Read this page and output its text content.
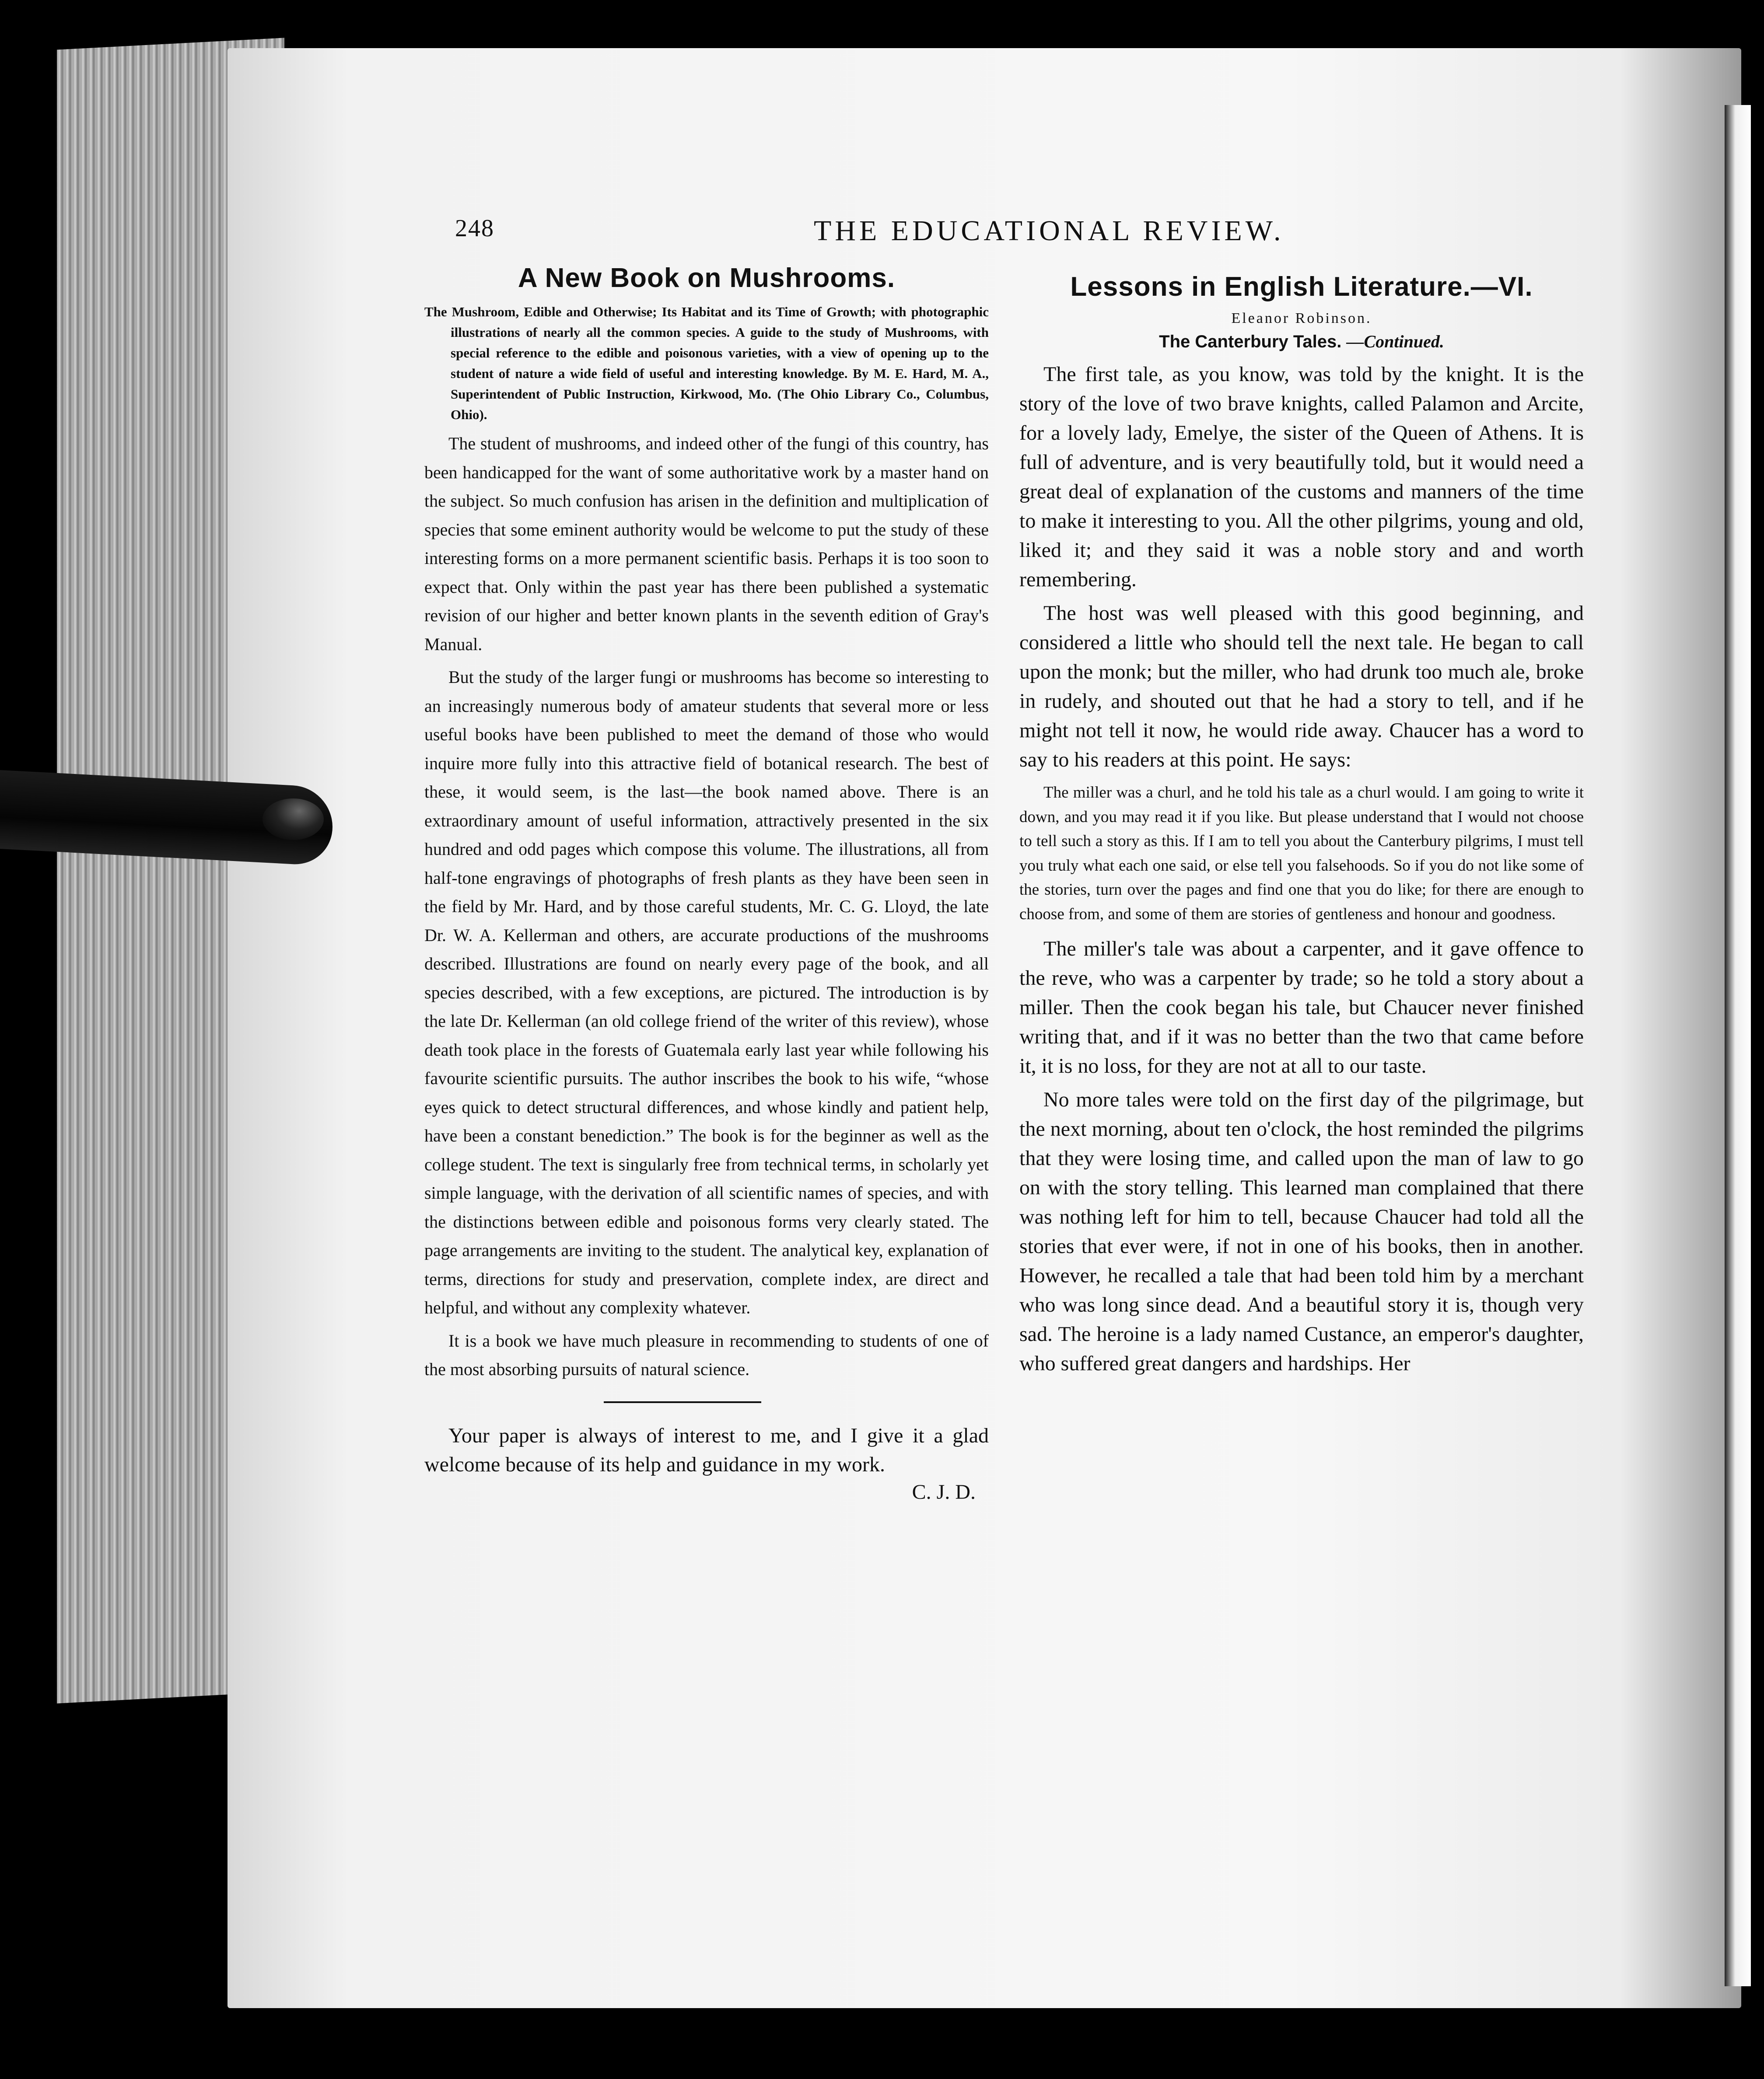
248	THE EDUCATIONAL REVIEW.
A New Book on Mushrooms.

The Mushroom, Edible and Otherwise; Its Habitat and its Time of Growth; with photographic illustrations of nearly all the common species. A guide to the study of Mushrooms, with special reference to the edible and poisonous varieties, with a view of opening up to the student of nature a wide field of useful and interesting knowledge. By M. E. Hard, M. A., Superintendent of Public Instruction, Kirkwood, Mo. (The Ohio Library Co., Columbus, Ohio).

The student of mushrooms, and indeed other of the fungi of this country, has been handicapped for the want of some authoritative work by a master hand on the subject. So much confusion has arisen in the definition and multiplication of species that some eminent authority would be welcome to put the study of these interesting forms on a more permanent scientific basis. Perhaps it is too soon to expect that. Only within the past year has there been published a systematic revision of our higher and better known plants in the seventh edition of Gray's Manual.

But the study of the larger fungi or mushrooms has become so interesting to an increasingly numerous body of amateur students that several more or less useful books have been published to meet the demand of those who would inquire more fully into this attractive field of botanical research. The best of these, it would seem, is the last—the book named above. There is an extraordinary amount of useful information, attractively presented in the six hundred and odd pages which compose this volume. The illustrations, all from half-tone engravings of photographs of fresh plants as they have been seen in the field by Mr. Hard, and by those careful students, Mr. C. G. Lloyd, the late Dr. W. A. Kellerman and others, are accurate productions of the mushrooms described. Illustrations are found on nearly every page of the book, and all species described, with a few exceptions, are pictured. The introduction is by the late Dr. Kellerman (an old college friend of the writer of this review), whose death took place in the forests of Guatemala early last year while following his favourite scientific pursuits. The author inscribes the book to his wife, “whose eyes quick to detect structural differences, and whose kindly and patient help, have been a constant benediction.” The book is for the beginner as well as the college student. The text is singularly free from technical terms, in scholarly yet simple language, with the derivation of all scientific names of species, and with the distinctions between edible and poisonous forms very clearly stated. The page arrangements are inviting to the student. The analytical key, explanation of terms, directions for study and preservation, complete index, are direct and helpful, and without any complexity whatever.

It is a book we have much pleasure in recommending to students of one of the most absorbing pursuits of natural science.

Your paper is always of interest to me, and I give it a glad welcome because of its help and guidance in my work.

C. J. D.

Lessons in English Literature.—VI.
Eleanor Robinson.
The Canterbury Tales. —Continued.

The first tale, as you know, was told by the knight. It is the story of the love of two brave knights, called Palamon and Arcite, for a lovely lady, Emelye, the sister of the Queen of Athens. It is full of adventure, and is very beautifully told, but it would need a great deal of explanation of the customs and manners of the time to make it interesting to you. All the other pilgrims, young and old, liked it; and they said it was a noble story and and worth remembering.

The host was well pleased with this good beginning, and considered a little who should tell the next tale. He began to call upon the monk; but the miller, who had drunk too much ale, broke in rudely, and shouted out that he had a story to tell, and if he might not tell it now, he would ride away. Chaucer has a word to say to his readers at this point. He says:

The miller was a churl, and he told his tale as a churl would. I am going to write it down, and you may read it if you like. But please understand that I would not choose to tell such a story as this. If I am to tell you about the Canterbury pilgrims, I must tell you truly what each one said, or else tell you falsehoods. So if you do not like some of the stories, turn over the pages and find one that you do like; for there are enough to choose from, and some of them are stories of gentleness and honour and goodness.

The miller's tale was about a carpenter, and it gave offence to the reve, who was a carpenter by trade; so he told a story about a miller. Then the cook began his tale, but Chaucer never finished writing that, and if it was no better than the two that came before it, it is no loss, for they are not at all to our taste.

No more tales were told on the first day of the pilgrimage, but the next morning, about ten o'clock, the host reminded the pilgrims that they were losing time, and called upon the man of law to go on with the story telling. This learned man complained that there was nothing left for him to tell, because Chaucer had told all the stories that ever were, if not in one of his books, then in another. However, he recalled a tale that had been told him by a merchant who was long since dead. And a beautiful story it is, though very sad. The heroine is a lady named Custance, an emperor's daughter, who suffered great dangers and hardships. Her
